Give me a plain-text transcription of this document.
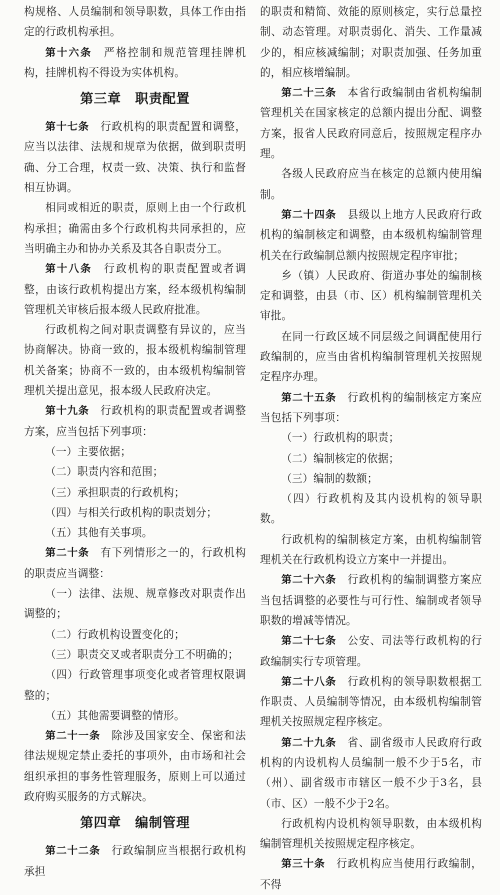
构规格、人员编制和领导职数，具体工作由指定的行政机构承担。

第十六条  严格控制和规范管理挂牌机构，挂牌机构不得设为实体机构。

第三章 职责配置

第十七条  行政机构的职责配置和调整，应当以法律、法规和规章为依据，做到职责明确、分工合理，权责一致、决策、执行和监督相互协调。

相同或相近的职责，原则上由一个行政机构承担；确需由多个行政机构共同承担的，应当明确主办和协办关系及其各自职责分工。

第十八条  行政机构的职责配置或者调整，由该行政机构提出方案，经本级机构编制管理机关审核后报本级人民政府批准。

行政机构之间对职责调整有异议的，应当协商解决。协商一致的，报本级机构编制管理机关备案；协商不一致的，由本级机构编制管理机关提出意见，报本级人民政府决定。

第十九条  行政机构的职责配置或者调整方案，应当包括下列事项：

（一）主要依据；

（二）职责内容和范围；

（三）承担职责的行政机构；

（四）与相关行政机构的职责划分；

（五）其他有关事项。

第二十条  有下列情形之一的，行政机构的职责应当调整：

（一）法律、法规、规章修改对职责作出调整的；

（二）行政机构设置变化的；

（三）职责交叉或者职责分工不明确的；

（四）行政管理事项变化或者管理权限调整的；

（五）其他需要调整的情形。

第二十一条  除涉及国家安全、保密和法律法规规定禁止委托的事项外，由市场和社会组织承担的事务性管理服务，原则上可以通过政府购买服务的方式解决。

第四章 编制管理

第二十二条  行政编制应当根据行政机构承担

的职责和精简、效能的原则核定，实行总量控制、动态管理。对职责弱化、消失、工作量减少的，相应核减编制；对职责加强、任务加重的，相应核增编制。

第二十三条  本省行政编制由省机构编制管理机关在国家核定的总额内提出分配、调整方案，报省人民政府同意后，按照规定程序办理。

各级人民政府应当在核定的总额内使用编制。

第二十四条  县级以上地方人民政府行政机构的编制核定和调整，由本级机构编制管理机关在行政编制总额内按照规定程序审批；

乡（镇）人民政府、街道办事处的编制核定和调整，由县（市、区）机构编制管理机关审批。

在同一行政区域不同层级之间调配使用行政编制的，应当由省机构编制管理机关按照规定程序办理。

第二十五条  行政机构的编制核定方案应当包括下列事项：

（一）行政机构的职责；

（二）编制核定的依据；

（三）编制的数额；

（四）行政机构及其内设机构的领导职数。

行政机构的编制核定方案，由机构编制管理机关在行政机构设立方案中一并提出。

第二十六条  行政机构的编制调整方案应当包括调整的必要性与可行性、编制或者领导职数的增减等情况。

第二十七条  公安、司法等行政机构的行政编制实行专项管理。

第二十八条  行政机构的领导职数根据工作职责、人员编制等情况，由本级机构编制管理机关按照规定程序核定。

第二十九条  省、副省级市人民政府行政机构的内设机构人员编制一般不少于5名，市（州）、副省级市市辖区一般不少于3名，县（市、区）一般不少于2名。

行政机构内设机构领导职数，由本级机构编制管理机关按照规定程序核定。

第三十条  行政机构应当使用行政编制，不得
